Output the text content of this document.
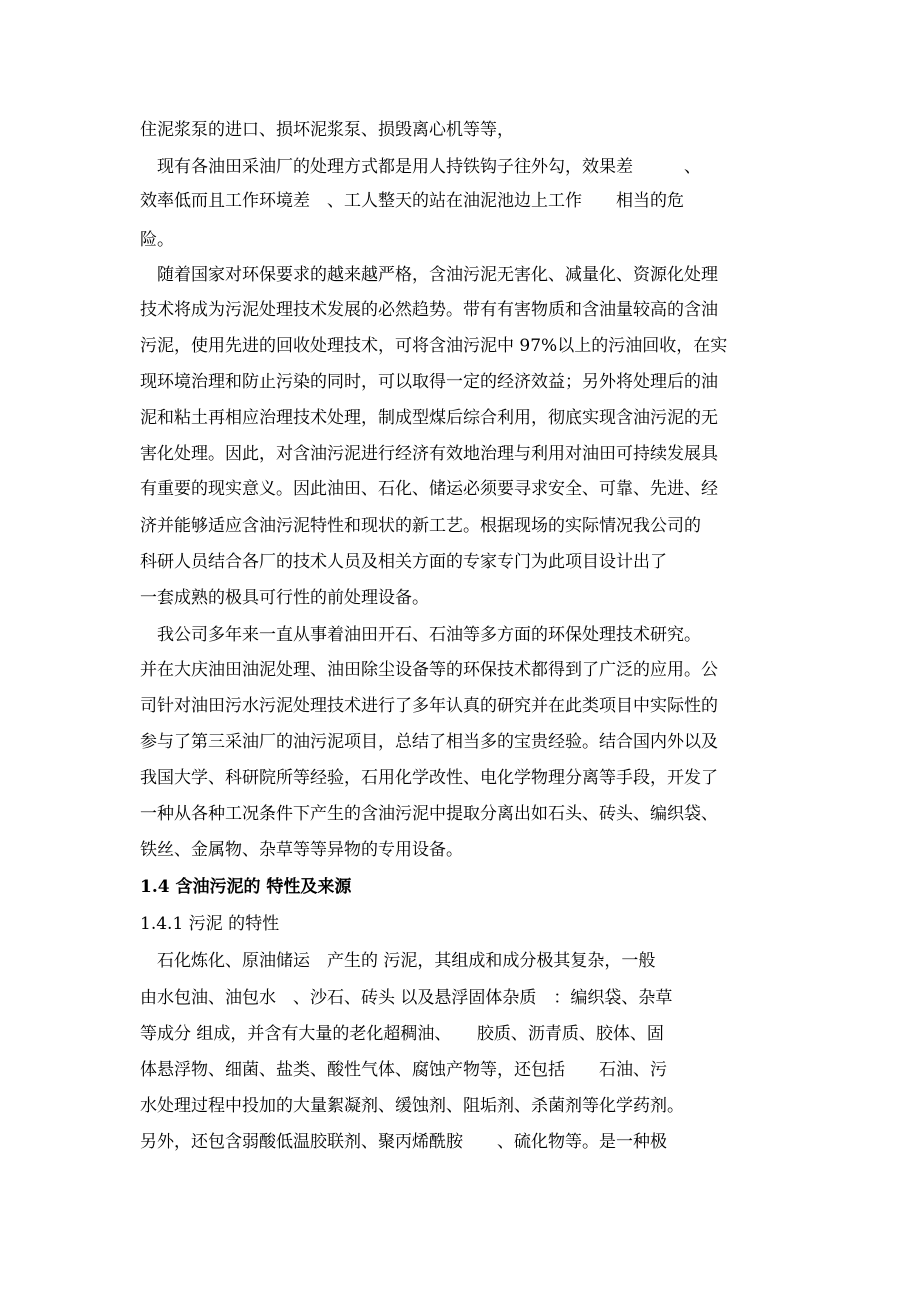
住泥浆泵的进口、损坏泥浆泵、损毁离心机等等，
　现有各油田采油厂的处理方式都是用人持铁钩子往外勾，效果差　　　、
效率低而且工作环境差　、工人整天的站在油泥池边上工作　　相当的危
险。
　随着国家对环保要求的越来越严格，含油污泥无害化、减量化、资源化处理
技术将成为污泥处理技术发展的必然趋势。带有有害物质和含油量较高的含油
污泥，使用先进的回收处理技术，可将含油污泥中 97%以上的污油回收，在实
现环境治理和防止污染的同时，可以取得一定的经济效益；另外将处理后的油
泥和粘土再相应治理技术处理，制成型煤后综合利用，彻底实现含油污泥的无
害化处理。因此，对含油污泥进行经济有效地治理与利用对油田可持续发展具
有重要的现实意义。因此油田、石化、储运必须要寻求安全、可靠、先进、经
济并能够适应含油污泥特性和现状的新工艺。根据现场的实际情况我公司的
科研人员结合各厂的技术人员及相关方面的专家专门为此项目设计出了
一套成熟的极具可行性的前处理设备。
　我公司多年来一直从事着油田开石、石油等多方面的环保处理技术研究。
并在大庆油田油泥处理、油田除尘设备等的环保技术都得到了广泛的应用。公
司针对油田污水污泥处理技术进行了多年认真的研究并在此类项目中实际性的
参与了第三采油厂的油污泥项目，总结了相当多的宝贵经验。结合国内外以及
我国大学、科研院所等经验，石用化学改性、电化学物理分离等手段，开发了
一种从各种工况条件下产生的含油污泥中提取分离出如石头、砖头、编织袋、
铁丝、金属物、杂草等等异物的专用设备。
1.4 含油污泥的 特性及来源
1.4.1 污泥 的特性
　石化炼化、原油储运　产生的 污泥，其组成和成分极其复杂，一般
由水包油、油包水　、沙石、砖头 以及悬浮固体杂质　：编织袋、杂草
等成分 组成，并含有大量的老化超稠油、　　胶质、沥青质、胶体、固
体悬浮物、细菌、盐类、酸性气体、腐蚀产物等，还包括　　石油、污
水处理过程中投加的大量絮凝剂、缓蚀剂、阻垢剂、杀菌剂等化学药剂。
另外，还包含弱酸低温胶联剂、聚丙烯酰胺　　、硫化物等。是一种极
